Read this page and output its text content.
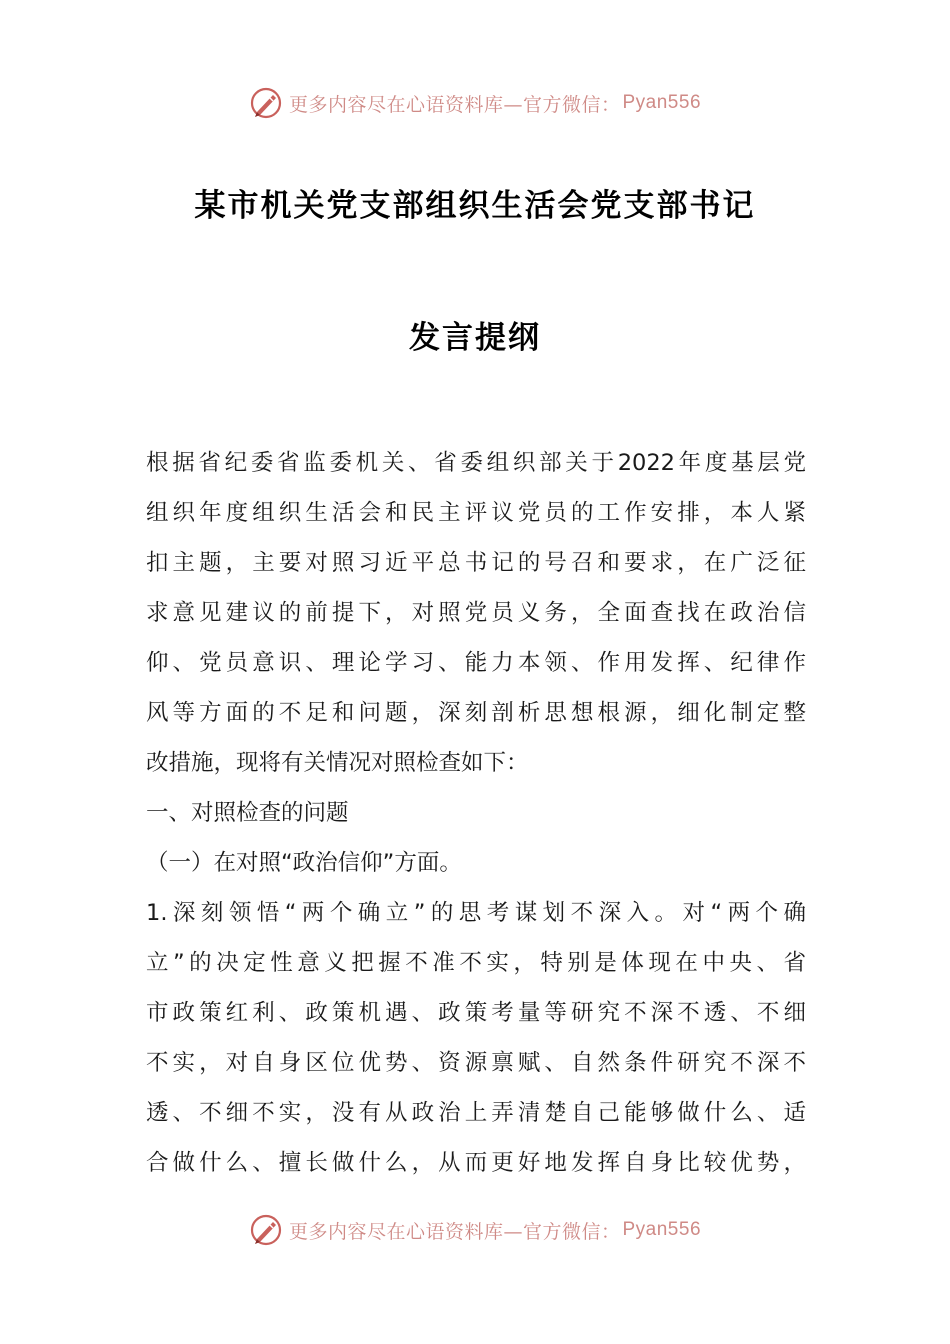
更多内容尽在心语资料库—官方微信： Pyan556
某市机关党支部组织生活会党支部书记
发言提纲
根据省纪委省监委机关、省委组织部关于2022年度基层党
组织年度组织生活会和民主评议党员的工作安排，本人紧
扣主题，主要对照习近平总书记的号召和要求，在广泛征
求意见建议的前提下，对照党员义务，全面查找在政治信
仰、党员意识、理论学习、能力本领、作用发挥、纪律作
风等方面的不足和问题，深刻剖析思想根源，细化制定整
改措施，现将有关情况对照检查如下：
一、对照检查的问题
（一）在对照“政治信仰”方面。
1.深刻领悟“两个确立”的思考谋划不深入。对“两个确
立”的决定性意义把握不准不实，特别是体现在中央、省
市政策红利、政策机遇、政策考量等研究不深不透、不细
不实，对自身区位优势、资源禀赋、自然条件研究不深不
透、不细不实，没有从政治上弄清楚自己能够做什么、适
合做什么、擅长做什么，从而更好地发挥自身比较优势，
更多内容尽在心语资料库—官方微信： Pyan556
